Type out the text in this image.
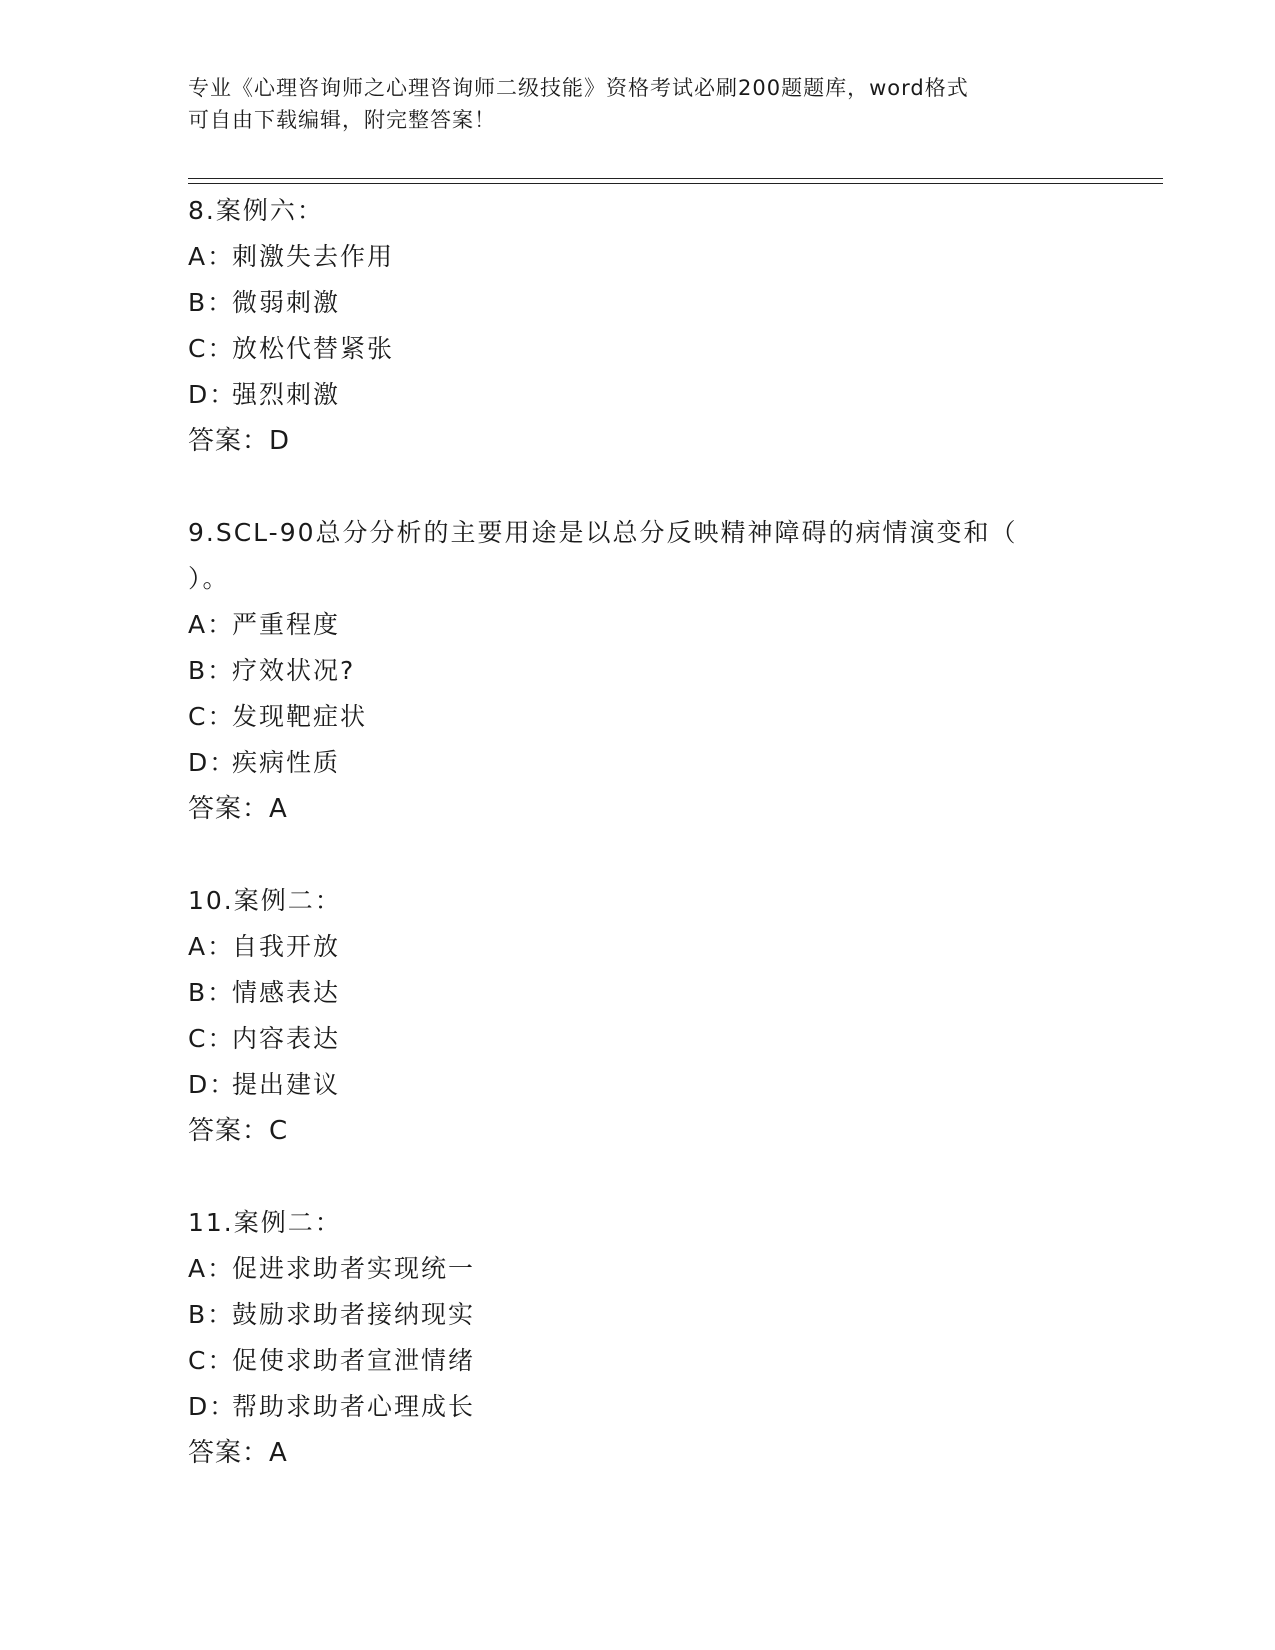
专业《心理咨询师之心理咨询师二级技能》资格考试必刷200题题库，word格式
可自由下载编辑，附完整答案！
8.案例六：
A：刺激失去作用
B：微弱刺激
C：放松代替紧张
D：强烈刺激
答案：D
9.SCL-90总分分析的主要用途是以总分反映精神障碍的病情演变和（
）。
A：严重程度
B：疗效状况?
C：发现靶症状
D：疾病性质
答案：A
10.案例二：
A：自我开放
B：情感表达
C：内容表达
D：提出建议
答案：C
11.案例二：
A：促进求助者实现统一
B：鼓励求助者接纳现实
C：促使求助者宣泄情绪
D：帮助求助者心理成长
答案：A
